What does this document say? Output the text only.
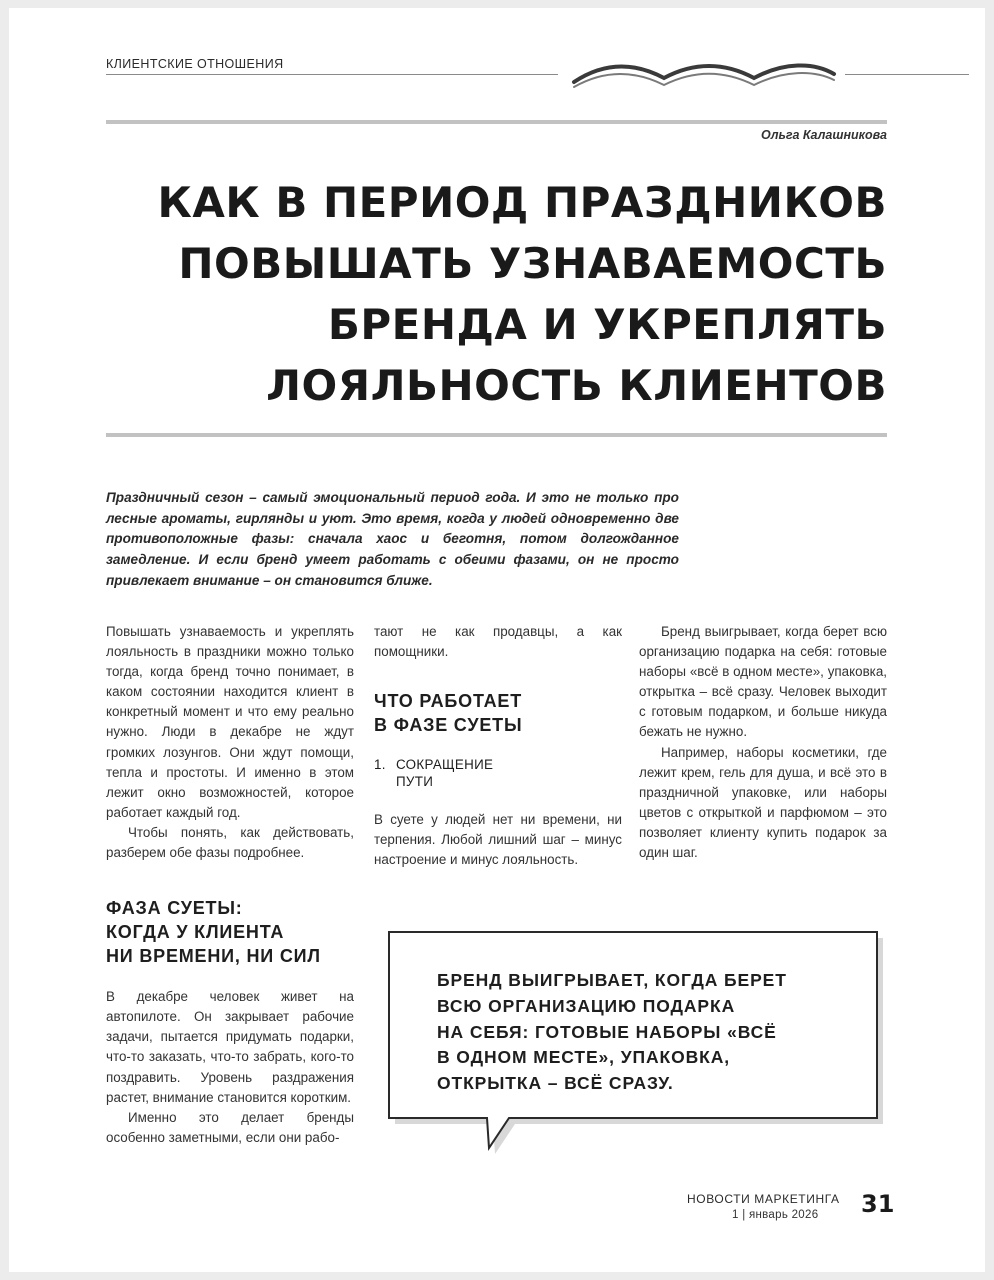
КЛИЕНТСКИЕ ОТНОШЕНИЯ
Ольга Калашникова
КАК В ПЕРИОД ПРАЗДНИКОВ
ПОВЫШАТЬ УЗНАВАЕМОСТЬ
БРЕНДА И УКРЕПЛЯТЬ
ЛОЯЛЬНОСТЬ КЛИЕНТОВ
Праздничный сезон – самый эмоциональный период года. И это не только про лесные ароматы, гирлянды и уют. Это время, когда у людей одновременно две противоположные фазы: сначала хаос и беготня, потом долгожданное замедление. И если бренд умеет работать с обеими фазами, он не просто привлекает внимание – он становится ближе.

Повышать узнаваемость и укреплять лояльность в праздники можно только тогда, когда бренд точно понимает, в каком состоянии находится клиент в конкретный момент и что ему реально нужно. Люди в декабре не ждут громких лозунгов. Они ждут помощи, тепла и простоты. И именно в этом лежит окно возможностей, которое работает каждый год.

Чтобы понять, как действовать, разберем обе фазы подробнее.

ФАЗА СУЕТЫ:
КОГДА У КЛИЕНТА
НИ ВРЕМЕНИ, НИ СИЛ

В декабре человек живет на автопилоте. Он закрывает рабочие задачи, пытается придумать подарки, что-то заказать, что-то забрать, кого-то поздравить. Уровень раздражения растет, внимание становится коротким.

Именно это делает бренды особенно заметными, если они рабо-

тают не как продавцы, а как помощники.

ЧТО РАБОТАЕТ
В ФАЗЕ СУЕТЫ
1. СОКРАЩЕНИЕ
ПУТИ

В суете у людей нет ни времени, ни терпения. Любой лишний шаг – минус настроение и минус лояльность.

Бренд выигрывает, когда берет всю организацию подарка на себя: готовые наборы «всё в одном месте», упаковка, открытка – всё сразу. Человек выходит с готовым подарком, и больше никуда бежать не нужно.

Например, наборы косметики, где лежит крем, гель для душа, и всё это в праздничной упаковке, или наборы цветов с открыткой и парфюмом – это позволяет клиенту купить подарок за один шаг.

БРЕНД ВЫИГРЫВАЕТ, КОГДА БЕРЕТ
ВСЮ ОРГАНИЗАЦИЮ ПОДАРКА
НА СЕБЯ: ГОТОВЫЕ НАБОРЫ «ВСЁ
В ОДНОМ МЕСТЕ», УПАКОВКА,
ОТКРЫТКА – ВСЁ СРАЗУ.
НОВОСТИ МАРКЕТИНГА
1 | январь 2026 31
